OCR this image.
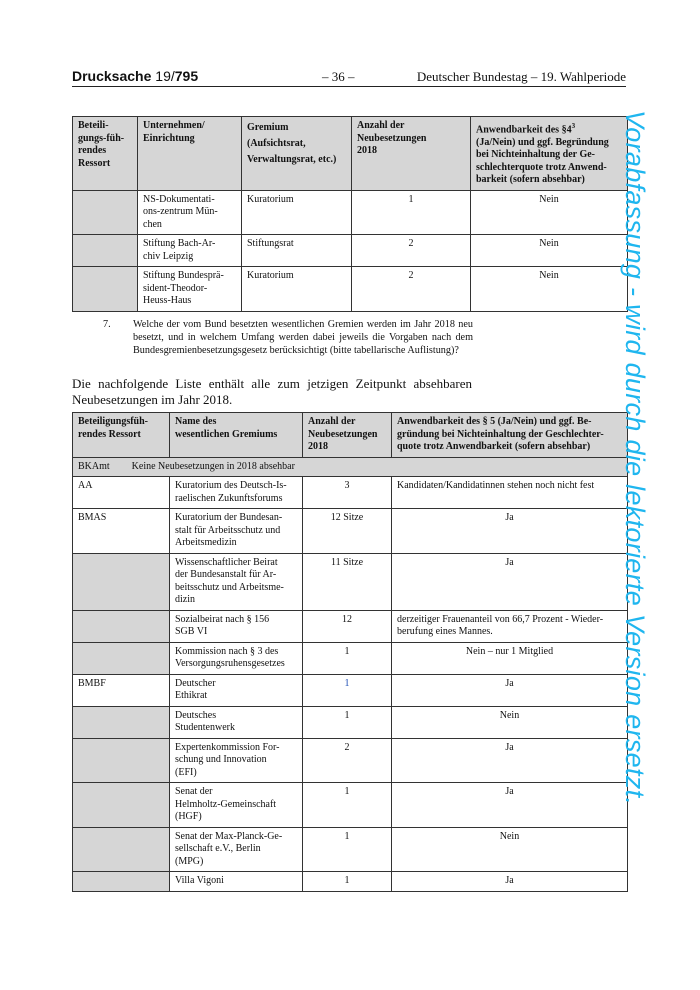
Drucksache 19/795	– 36 –	Deutscher Bundestag – 19. Wahlperiode
Beteili-
gungs-füh-
rendes
Ressort	Unternehmen/
Einrichtung	Gremium
(Aufsichtsrat,
Verwaltungsrat, etc.)	Anzahl der
Neubesetzungen
2018	Anwendbarkeit des $\S 4^3$
(Ja/Nein) und ggf. Begründung
bei Nichteinhaltung der Ge-
schlechterquote trotz Anwend-
barkeit (sofern absehbar)
	NS-Dokumentati-
ons-zentrum Mün-
chen	Kuratorium	1	Nein
	Stiftung Bach-Ar-
chiv Leipzig	Stiftungsrat	2	Nein
	Stiftung Bundesprä-
sident-Theodor-
Heuss-Haus	Kuratorium	2	Nein
7. Welche der vom Bund besetzten wesentlichen Gremien werden im Jahr 2018 neu besetzt, und in welchem Umfang werden dabei jeweils die Vorgaben nach dem Bundesgremienbesetzungsgesetz berücksichtigt (bitte tabellarische Auflistung)?
Die nachfolgende Liste enthält alle zum jetzigen Zeitpunkt absehbaren Neubesetzungen im Jahr 2018.
Beteiligungsfüh-
rendes Ressort	Name des
wesentlichen Gremiums	Anzahl der
Neubesetzungen
2018	Anwendbarkeit des § 5 (Ja/Nein) und ggf. Be-
gründung bei Nichteinhaltung der Geschlechter-
quote trotz Anwendbarkeit (sofern absehbar)
BKAmt Keine Neubesetzungen in 2018 absehbar			
AA	Kuratorium des Deutsch-Is-
raelischen Zukunftsforums	3	Kandidaten/Kandidatinnen stehen noch nicht fest
BMAS	Kuratorium der Bundesan-
stalt für Arbeitsschutz und
Arbeitsmedizin	12 Sitze	Ja
	Wissenschaftlicher Beirat
der Bundesanstalt für Ar-
beitsschutz und Arbeitsme-
dizin	11 Sitze	Ja
	Sozialbeirat nach § 156
SGB VI	12	derzeitiger Frauenanteil von 66,7 Prozent - Wieder-
berufung eines Mannes.
	Kommission nach § 3 des
Versorgungsruhensgesetzes	1	Nein – nur 1 Mitglied
BMBF	Deutscher
Ethikrat	1	Ja
	Deutsches
Studentenwerk	1	Nein
	Expertenkommission For-
schung und Innovation
(EFI)	2	Ja
	Senat der
Helmholtz-Gemeinschaft
(HGF)	1	Ja
	Senat der Max-Planck-Ge-
sellschaft e.V., Berlin
(MPG)	1	Nein
	Villa Vigoni	1	Ja
Vorabfassung - wird durch die lektorierte Version ersetzt.
